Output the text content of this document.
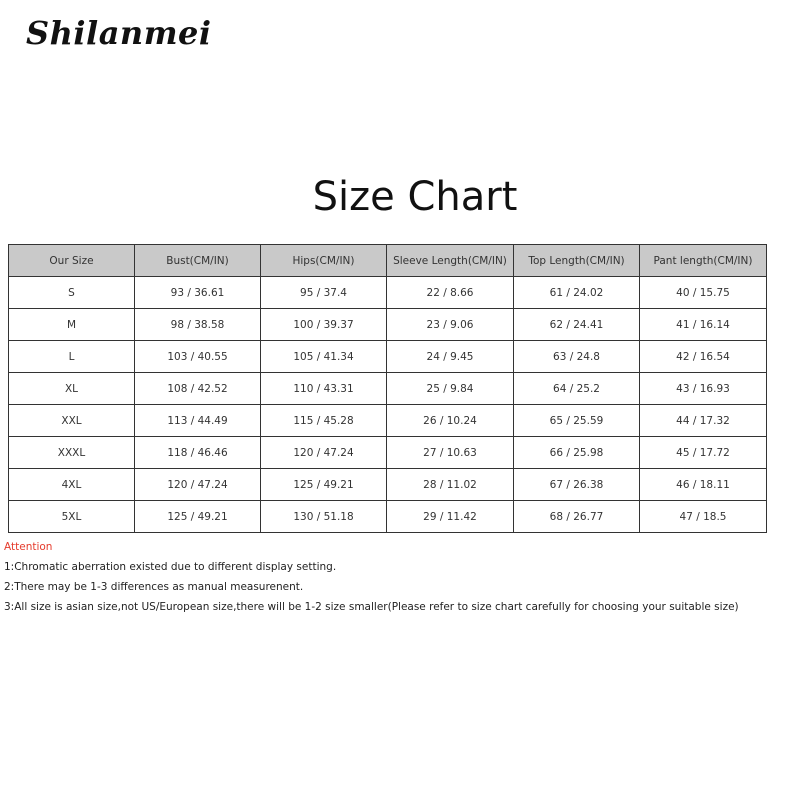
Shilanmei
Size Chart
Our Size	Bust(CM/IN)	Hips(CM/IN)	Sleeve Length(CM/IN)	Top Length(CM/IN)	Pant length(CM/IN)
S	93 / 36.61	95 / 37.4	22 / 8.66	61 / 24.02	40 / 15.75
M	98 / 38.58	100 / 39.37	23 / 9.06	62 / 24.41	41 / 16.14
L	103 / 40.55	105 / 41.34	24 / 9.45	63 / 24.8	42 / 16.54
XL	108 / 42.52	110 / 43.31	25 / 9.84	64 / 25.2	43 / 16.93
XXL	113 / 44.49	115 / 45.28	26 / 10.24	65 / 25.59	44 / 17.32
XXXL	118 / 46.46	120 / 47.24	27 / 10.63	66 / 25.98	45 / 17.72
4XL	120 / 47.24	125 / 49.21	28 / 11.02	67 / 26.38	46 / 18.11
5XL	125 / 49.21	130 / 51.18	29 / 11.42	68 / 26.77	47 / 18.5
Attention
1:Chromatic aberration existed due to different display setting.
2:There may be 1-3 differences as manual measurenent.
3:All size is asian size,not US/European size,there will be 1-2 size smaller(Please refer to size chart carefully for choosing your suitable size)
